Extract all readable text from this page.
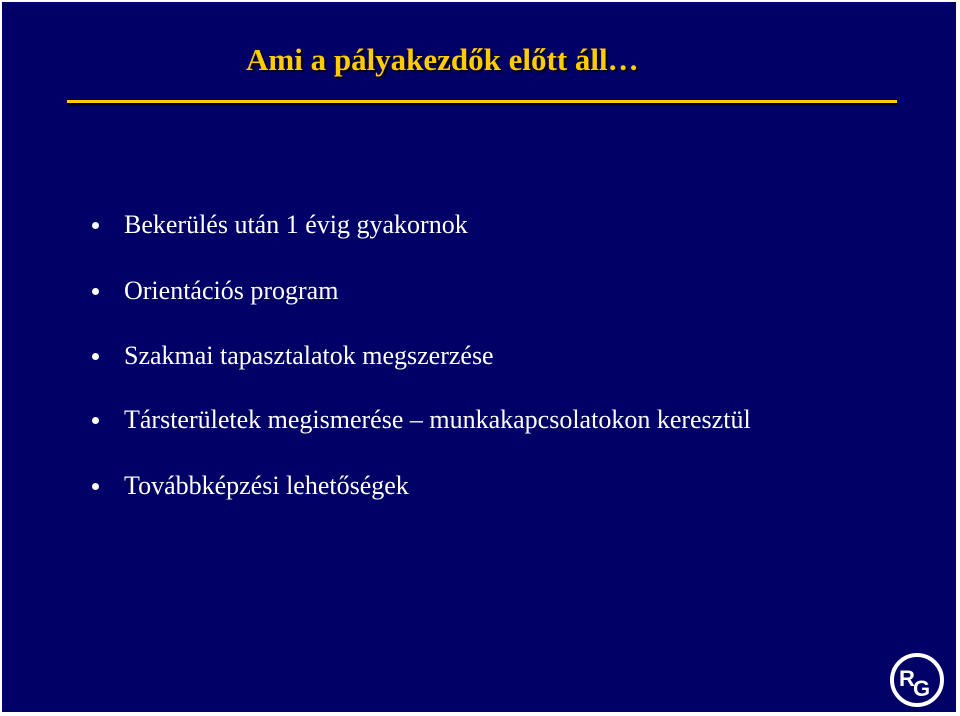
Ami a pályakezdők előtt áll…
Bekerülés után 1 évig gyakornok
Orientációs program
Szakmai tapasztalatok megszerzése
Társterületek megismerése – munkakapcsolatokon keresztül
Továbbképzési lehetőségek
R
G
